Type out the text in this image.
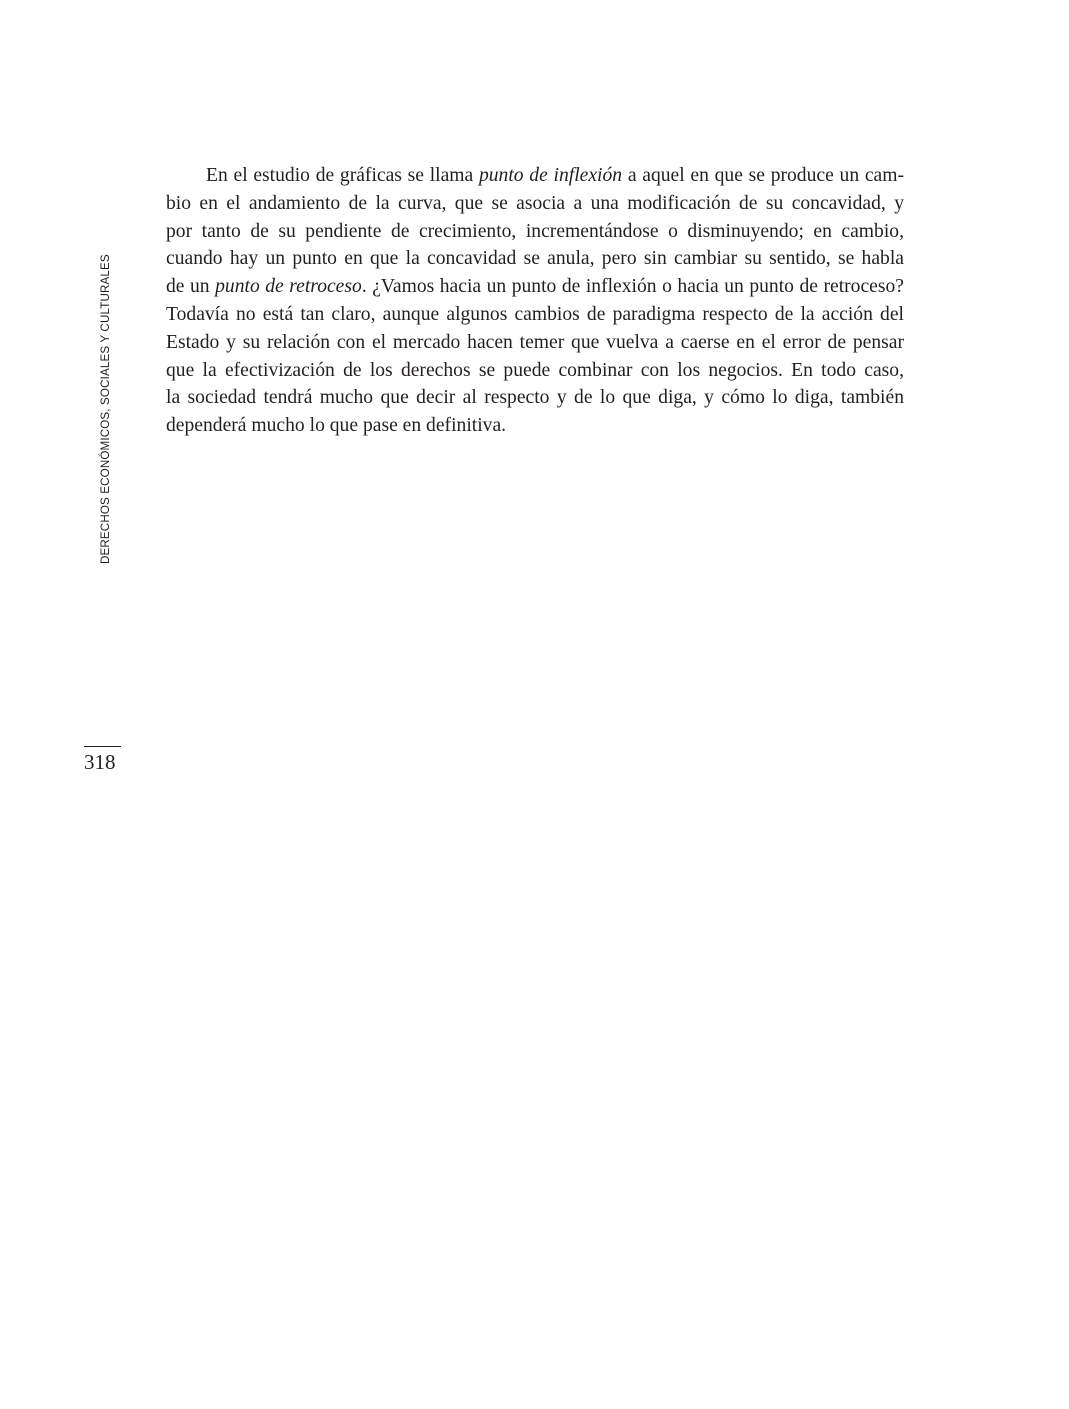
DERECHOS ECONÓMICOS, SOCIALES Y CULTURALES
318

En el estudio de gráficas se llama punto de inflexión a aquel en que se produce un cam-
bio en el andamiento de la curva, que se asocia a una modificación de su concavidad, y
por tanto de su pendiente de crecimiento, incrementándose o disminuyendo; en cambio,
cuando hay un punto en que la concavidad se anula, pero sin cambiar su sentido, se habla
de un punto de retroceso. ¿Vamos hacia un punto de inflexión o hacia un punto de retroceso?
Todavía no está tan claro, aunque algunos cambios de paradigma respecto de la acción del
Estado y su relación con el mercado hacen temer que vuelva a caerse en el error de pensar
que la efectivización de los derechos se puede combinar con los negocios. En todo caso,
la sociedad tendrá mucho que decir al respecto y de lo que diga, y cómo lo diga, también
dependerá mucho lo que pase en definitiva.
